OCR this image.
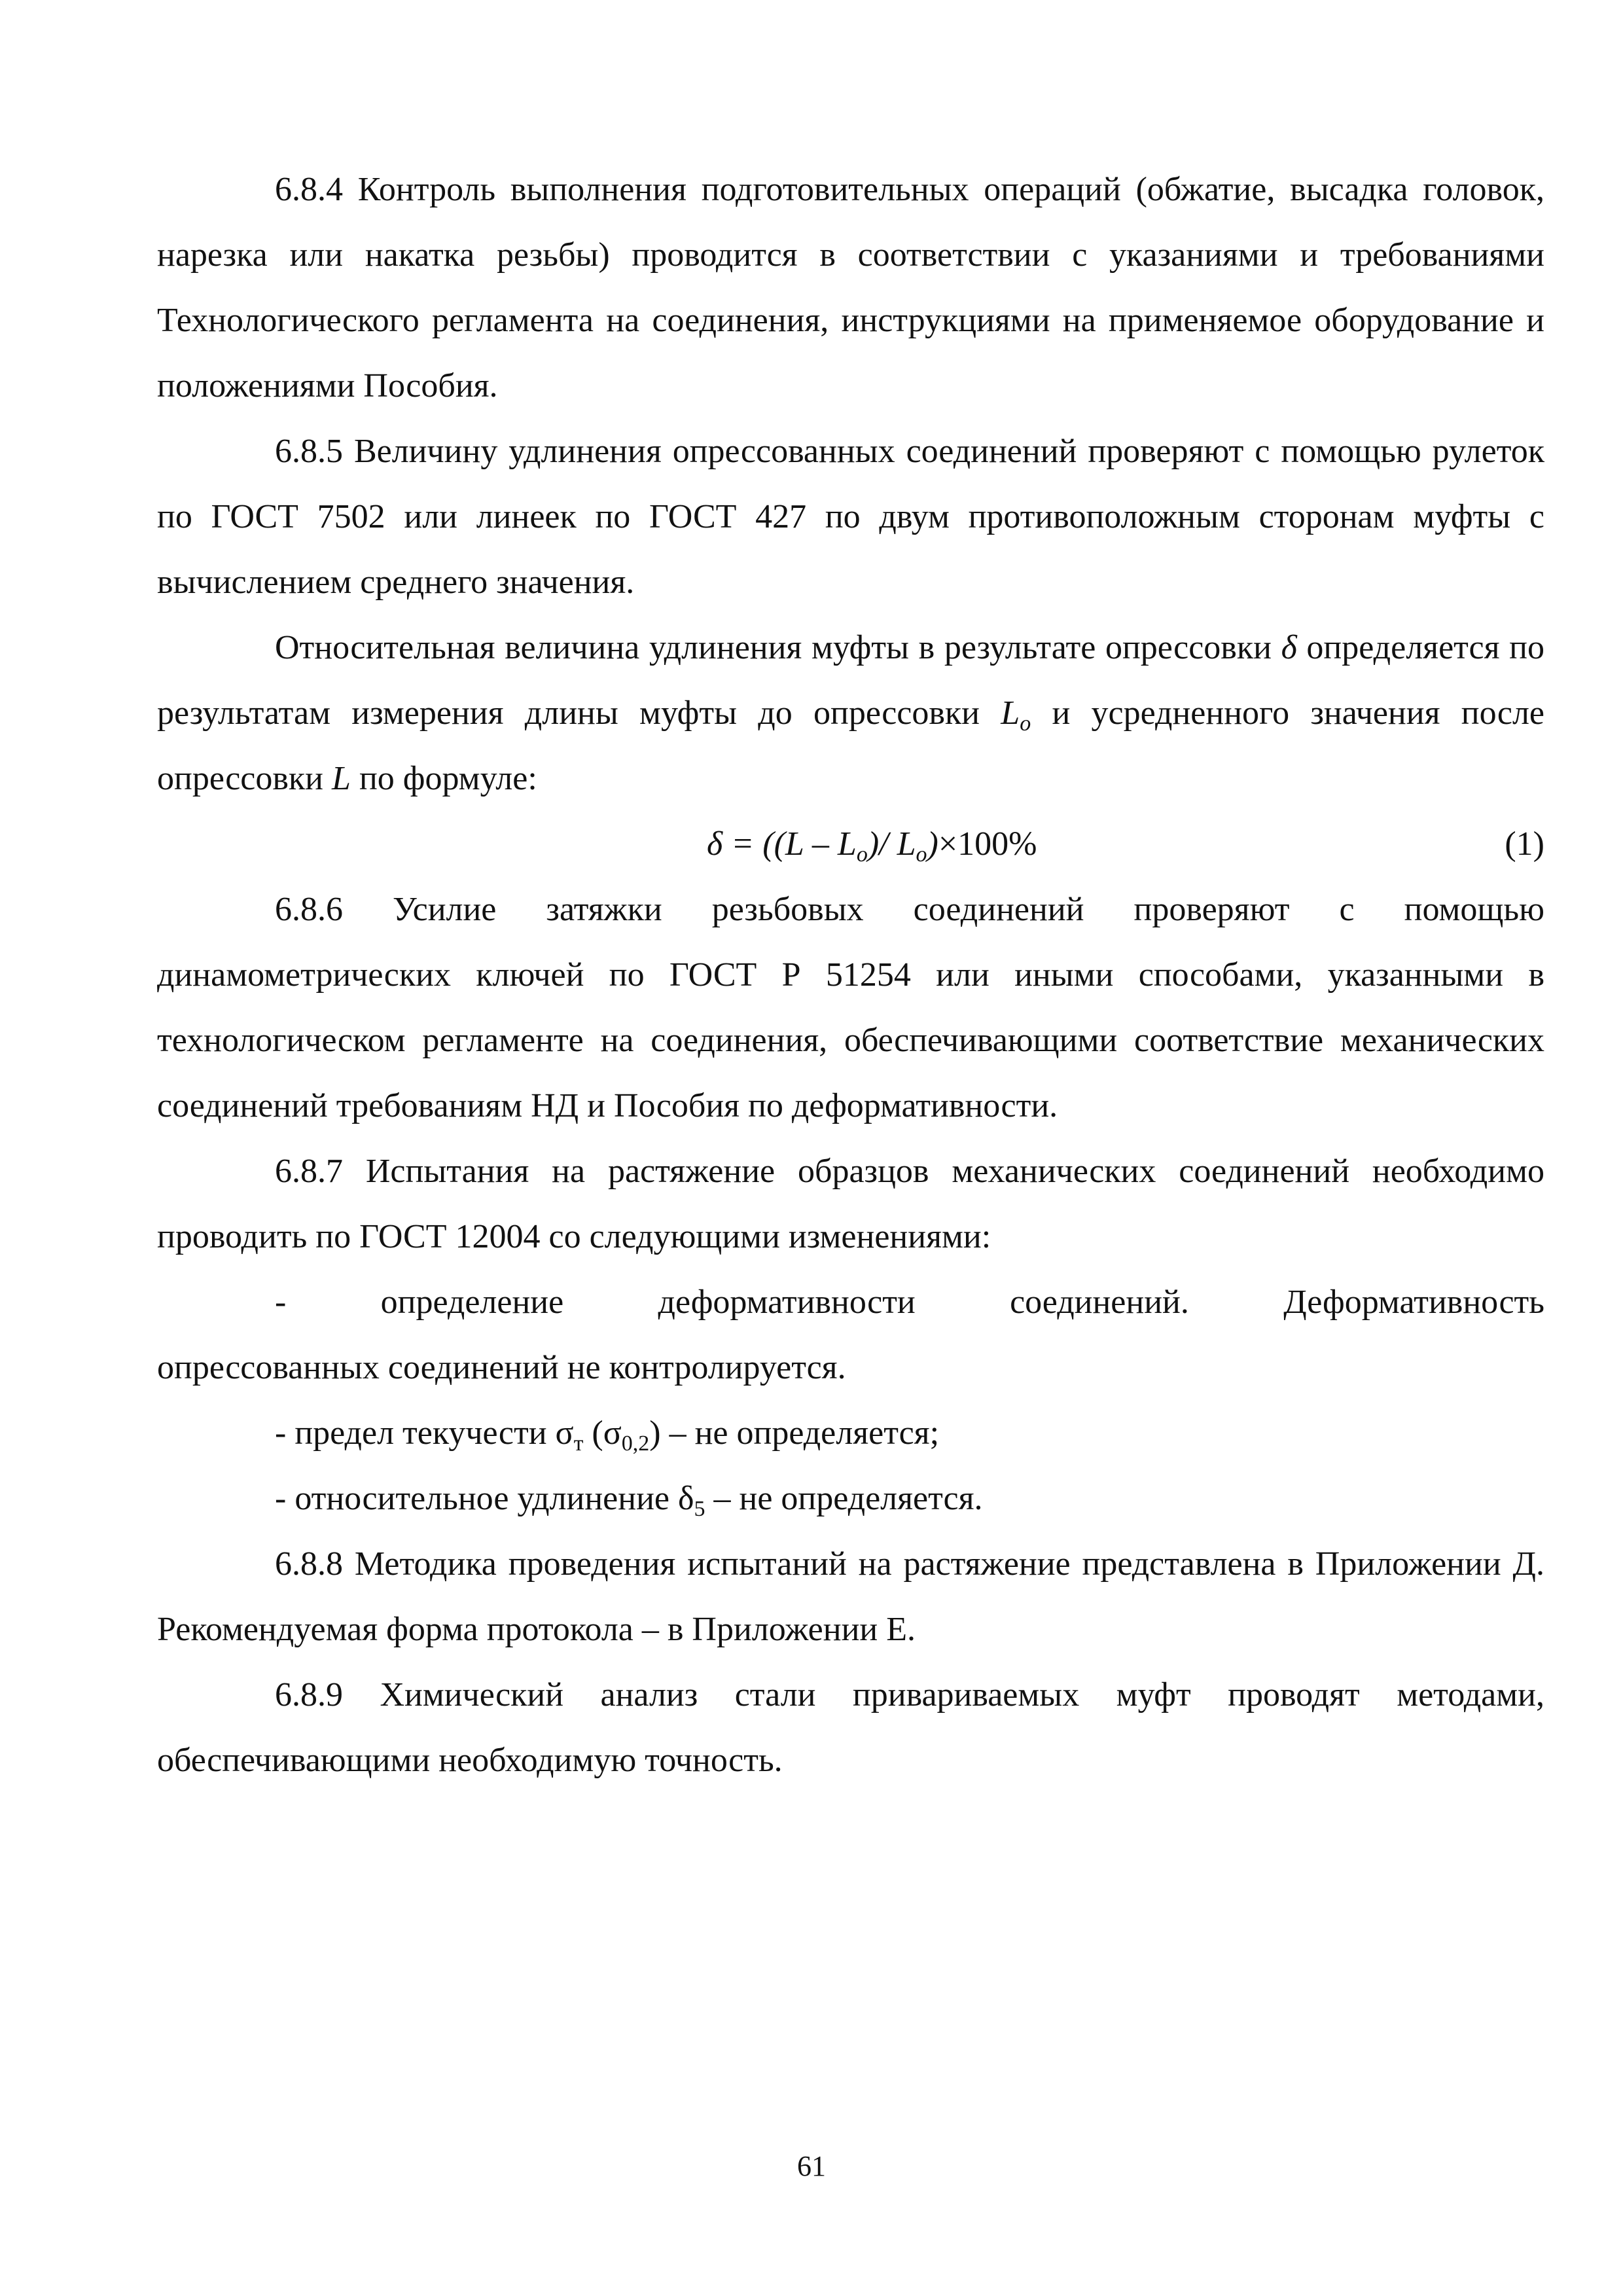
6.8.4 Контроль выполнения подготовительных операций (обжатие, высадка головок, нарезка или накатка резьбы) проводится в соответствии с указаниями и требованиями Технологического регламента на соединения, инструкциями на применяемое оборудование и положениями Пособия.

6.8.5 Величину удлинения опрессованных соединений проверяют с помощью рулеток по ГОСТ 7502 или линеек по ГОСТ 427 по двум противоположным сторонам муфты с вычислением среднего значения.

Относительная величина удлинения муфты в результате опрессовки δ определяется по результатам измерения длины муфты до опрессовки $L_o$ и усредненного значения после опрессовки L по формуле:

$\delta = ((L - L_o)/$ $L_o)\times 100\%$	(1)

6.8.6 Усилие затяжки резьбовых соединений проверяют с помощью динамометрических ключей по ГОСТ Р 51254 или иными способами, указанными в технологическом регламенте на соединения, обеспечивающими соответствие механических соединений требованиям НД и Пособия по деформативности.

6.8.7 Испытания на растяжение образцов механических соединений необходимо проводить по ГОСТ 12004 со следующими изменениями:

-	определение	деформативности	соединений.	Деформативность

опрессованных соединений не контролируется.

- предел текучести $\sigma_т$ $(\sigma_{0,2})$ – не определяется;

- относительное удлинение $\delta_5$ – не определяется.

6.8.8 Методика проведения испытаний на растяжение представлена в Приложении Д. Рекомендуемая форма протокола – в Приложении Е.

6.8.9 Химический анализ стали привариваемых муфт проводят методами, обеспечивающими необходимую точность.

61
